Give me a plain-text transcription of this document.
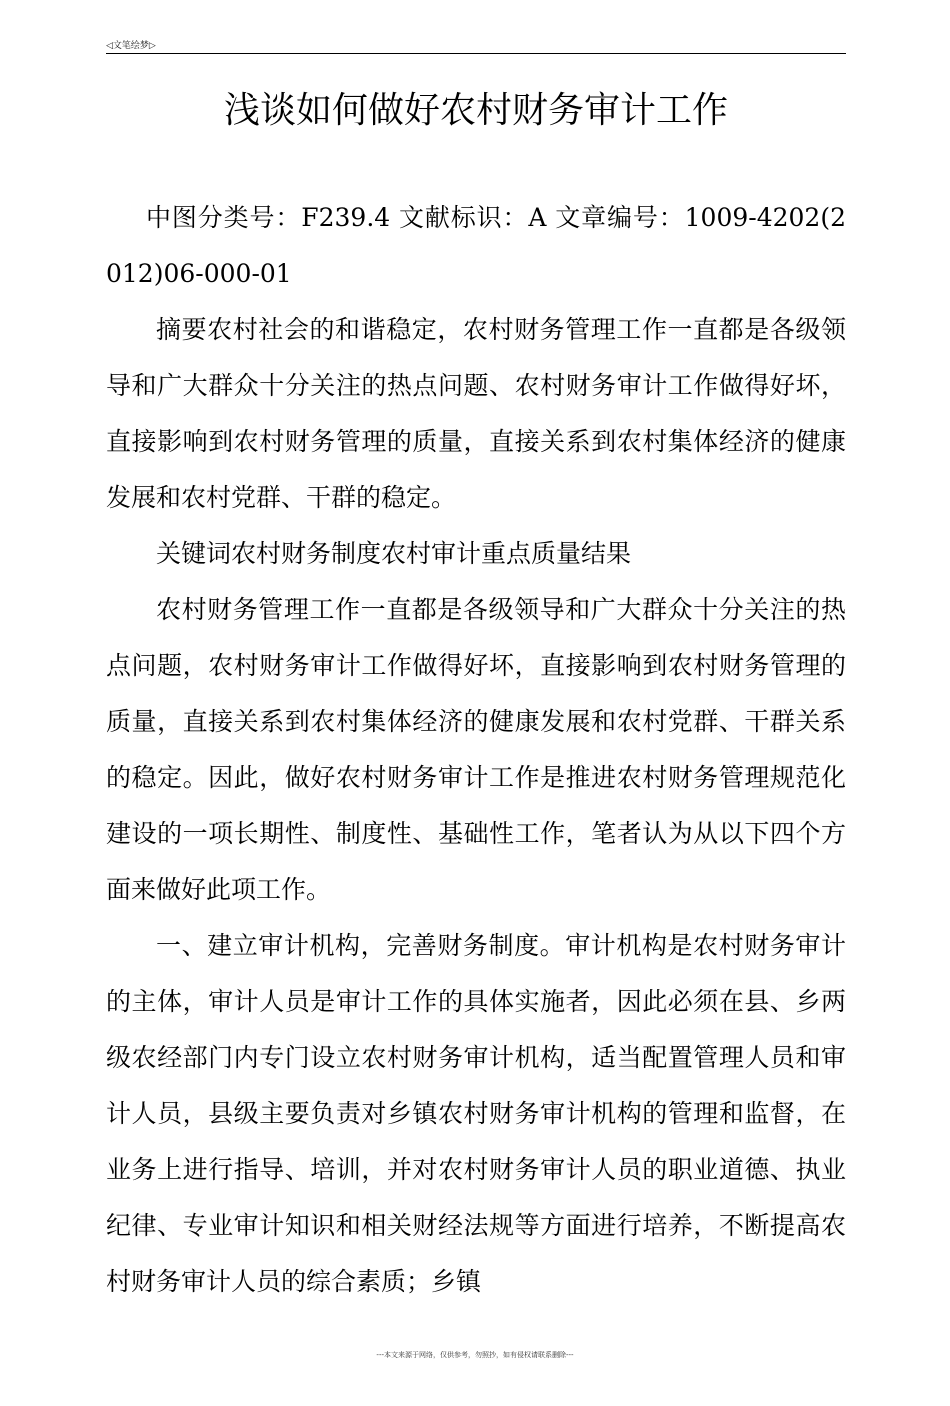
◁文笔绘梦▷
浅谈如何做好农村财务审计工作

中图分类号：F239.4 文献标识：A 文章编号：1009-4202(2012)06-000-01

摘要农村社会的和谐稳定，农村财务管理工作一直都是各级领导和广大群众十分关注的热点问题、农村财务审计工作做得好坏，直接影响到农村财务管理的质量，直接关系到农村集体经济的健康发展和农村党群、干群的稳定。

关键词农村财务制度农村审计重点质量结果

农村财务管理工作一直都是各级领导和广大群众十分关注的热点问题，农村财务审计工作做得好坏，直接影响到农村财务管理的质量，直接关系到农村集体经济的健康发展和农村党群、干群关系的稳定。因此，做好农村财务审计工作是推进农村财务管理规范化建设的一项长期性、制度性、基础性工作，笔者认为从以下四个方面来做好此项工作。

一、建立审计机构，完善财务制度。审计机构是农村财务审计的主体，审计人员是审计工作的具体实施者，因此必须在县、乡两级农经部门内专门设立农村财务审计机构，适当配置管理人员和审计人员，县级主要负责对乡镇农村财务审计机构的管理和监督，在业务上进行指导、培训，并对农村财务审计人员的职业道德、执业纪律、专业审计知识和相关财经法规等方面进行培养，不断提高农村财务审计人员的综合素质；乡镇

---本文来源于网络，仅供参考，勿照抄，如有侵权请联系删除---
